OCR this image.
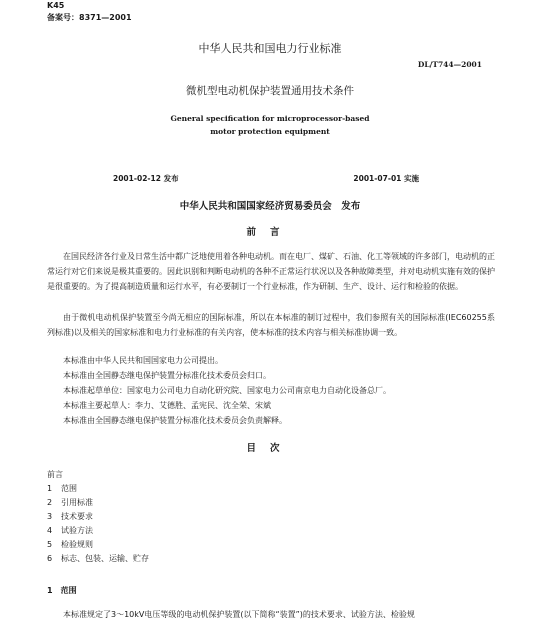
K45
备案号：8371—2001
中华人民共和国电力行业标准
DL/T744—2001
微机型电动机保护装置通用技术条件
General specification for microprocessor-based
motor protection equipment
2001-02-12 发布	2001-07-01 实施
中华人民共和国国家经济贸易委员会　发布
前言
在国民经济各行业及日常生活中都广泛地使用着各种电动机。而在电厂、煤矿、石油、化工等领域的许多部门，电动机的正常运行对它们来说是极其重要的。因此识别和判断电动机的各种不正常运行状况以及各种故障类型，并对电动机实施有效的保护是很重要的。为了提高制造质量和运行水平，有必要制订一个行业标准，作为研制、生产、设计、运行和检验的依据。
由于微机电动机保护装置至今尚无相应的国际标准，所以在本标准的制订过程中，我们参照有关的国际标准(IEC60255系列标准)以及相关的国家标准和电力行业标准的有关内容，使本标准的技术内容与相关标准协调一致。
本标准由中华人民共和国国家电力公司提出。
本标准由全国静态继电保护装置分标准化技术委员会归口。
本标准起草单位：国家电力公司电力自动化研究院、国家电力公司南京电力自动化设备总厂。
本标准主要起草人：李力、艾德胜、孟宪民、沈全荣、宋斌
本标准由全国静态继电保护装置分标准化技术委员会负责解释。
目次
前言
1 范围
2 引用标准
3 技术要求
4 试验方法
5 检验规则
6 标志、包装、运输、贮存
1　范围
本标准规定了3～10kV电压等级的电动机保护装置(以下简称“装置”)的技术要求、试验方法、检验规
